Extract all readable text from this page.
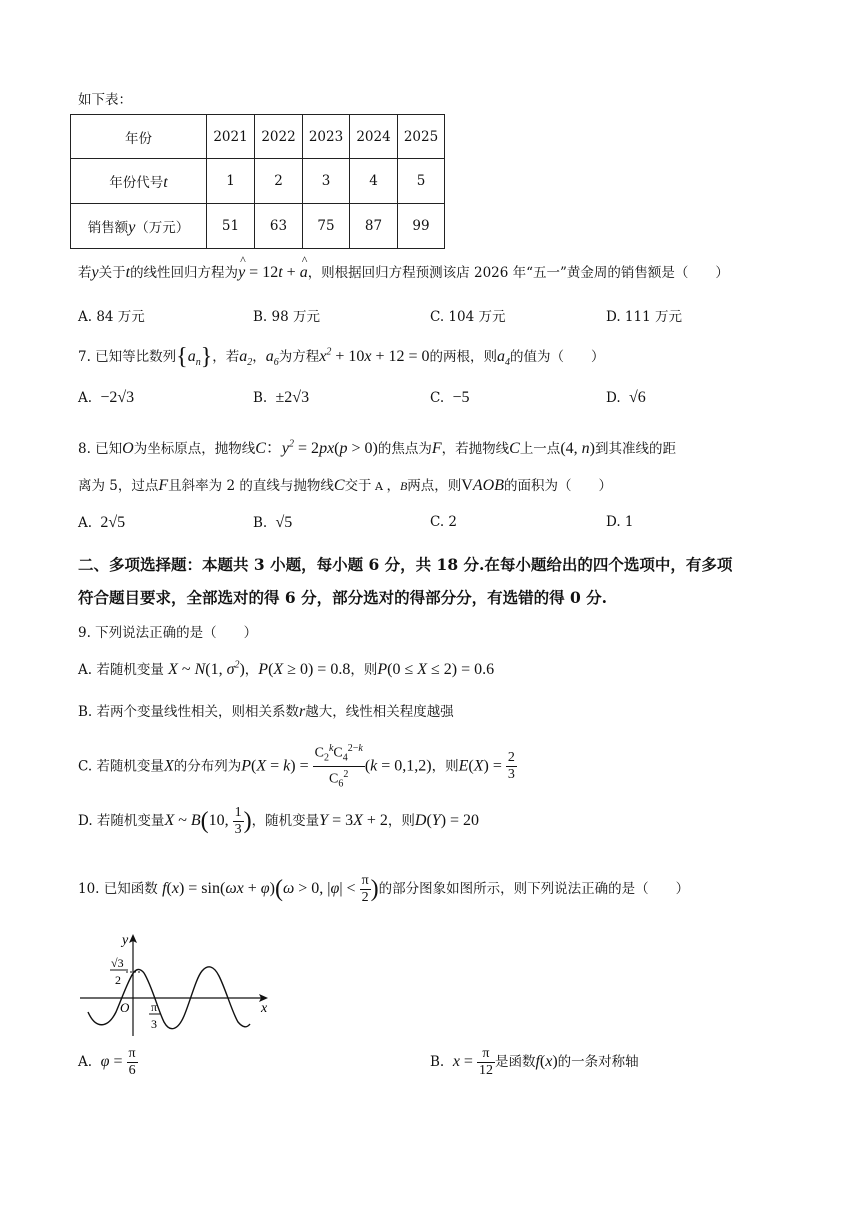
如下表：
年份	2021	2022	2023	2024	2025
年份代号t	1	2	3	4	5
销售额y（万元）	51	63	75	87	99
若y关于t的线性回归方程为^ y = 12t + ^ a，则根据回归方程预测该店 2026 年“五一”黄金周的销售额是（　　）
A. 84 万元	B. 98 万元	C. 104 万元	D. 111 万元
7. 已知等比数列$\{a_n\}$，若$a_2$，$a_6$为方程$x^2 + 10x + 12 = 0$的两根，则$a_4$的值为（　　）
A.  −2√3	B.  ±2√3	C.  −5	D.  √6
8. 已知O为坐标原点，抛物线C：$y^2 = 2px(p > 0)$的焦点为F，若抛物线C上一点(4, n)到其准线的距
离为 5，过点F且斜率为 2 的直线与抛物线C交于 A ，B两点，则VAOB的面积为（　　）
A.  2√5	B.  √5	C. 2	D. 1
二、多项选择题：本题共 3 小题，每小题 6 分，共 18 分.在每小题给出的四个选项中，有多项
符合题目要求，全部选对的得 6 分，部分选对的得部分分，有选错的得 0 分.
9. 下列说法正确的是（　　）
A. 若随机变量 X ~ N(1, $\sigma^2$)，P(X ≥ 0) = 0.8，则P(0 ≤ X ≤ 2) = 0.6
B. 若两个变量线性相关，则相关系数r越大，线性相关程度越强
C. 若随机变量X的分布列为$P(X = k) = \frac{C_2^kC_4^{2-k}}{C_6^2} (k = 0,1,2)$，则$E(X) = \frac{2}{3}$
D. 若随机变量X ~ B(10, $\frac{1}{3}$ )，随机变量Y = 3X + 2，则D(Y) = 20
10. 已知函数 f(x) = sin(ωx + φ)(ω > 0, $|\varphi| < \frac{\pi}{2}$ )的部分图象如图所示，则下列说法正确的是（　　）
y
x
O
√3
2
π
3
A. $\varphi = \frac{\pi}{6}$	B. $x = \frac{\pi}{12}$ 是函数f(x)的一条对称轴
